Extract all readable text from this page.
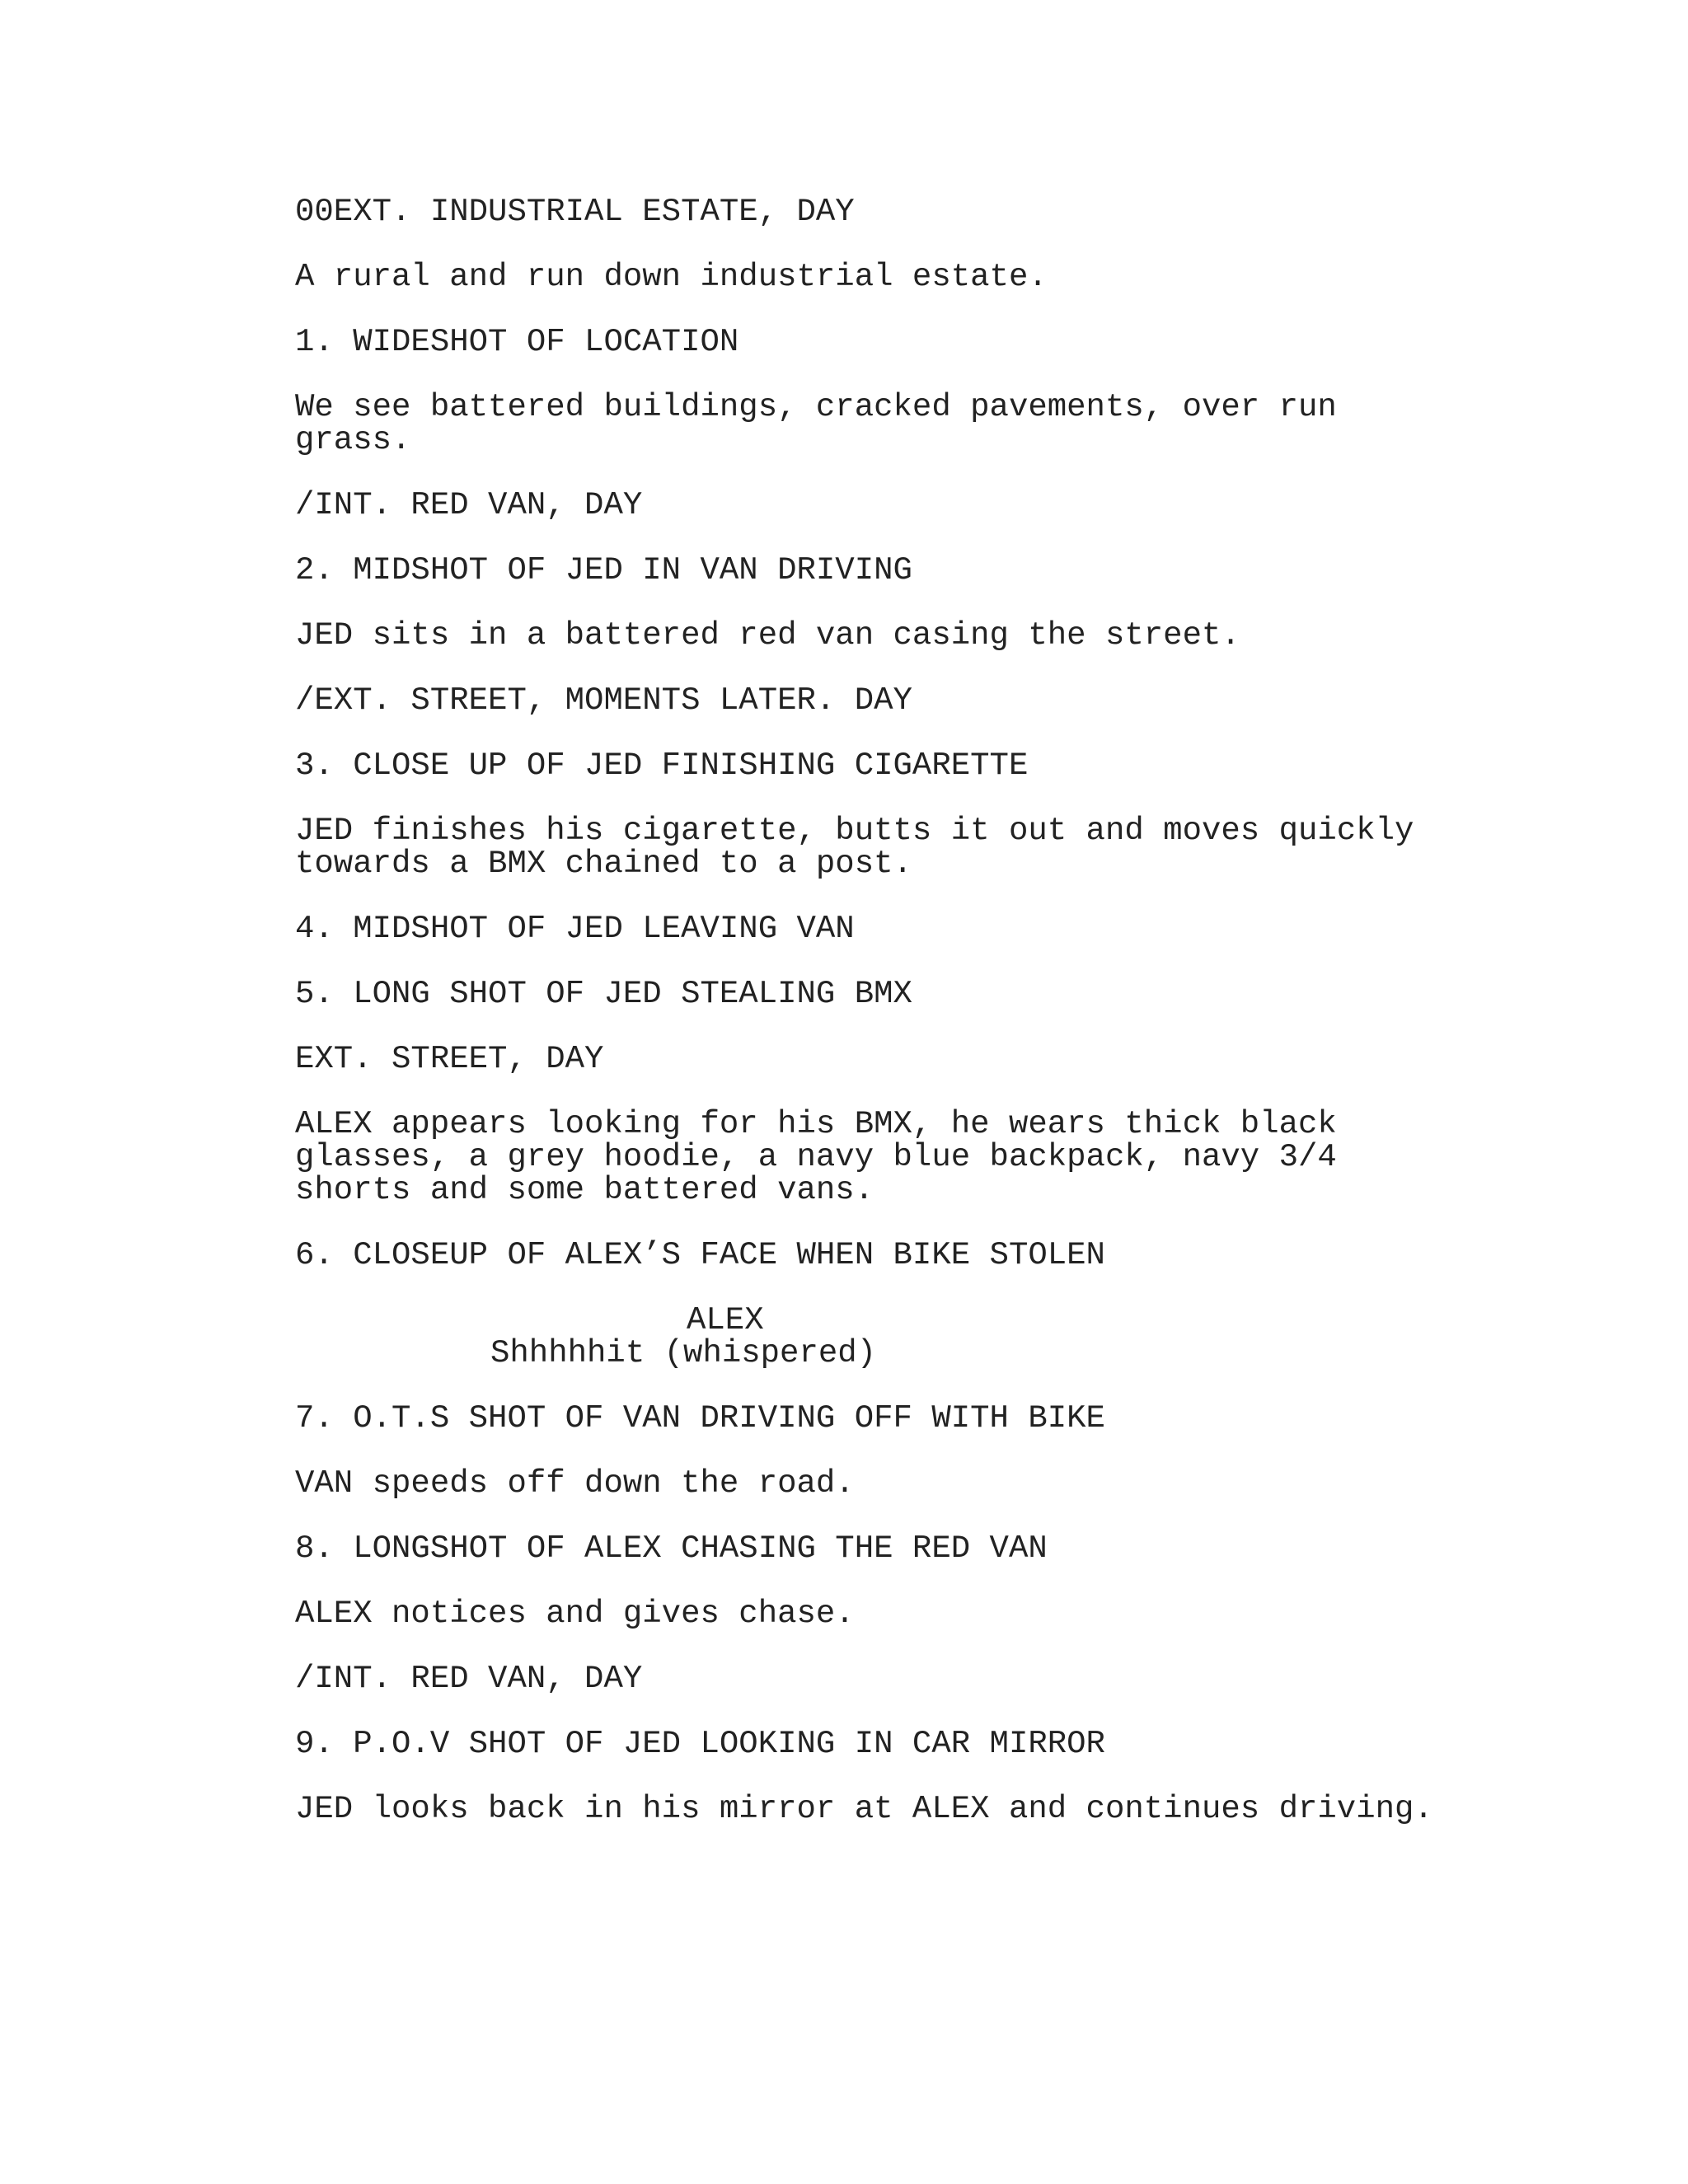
00EXT. INDUSTRIAL ESTATE, DAY
A rural and run down industrial estate.
1. WIDESHOT OF LOCATION
We see battered buildings, cracked pavements, over run
grass.
/INT. RED VAN, DAY
2. MIDSHOT OF JED IN VAN DRIVING
JED sits in a battered red van casing the street.
/EXT. STREET, MOMENTS LATER. DAY
3. CLOSE UP OF JED FINISHING CIGARETTE
JED finishes his cigarette, butts it out and moves quickly
towards a BMX chained to a post.
4. MIDSHOT OF JED LEAVING VAN
5. LONG SHOT OF JED STEALING BMX
EXT. STREET, DAY
ALEX appears looking for his BMX, he wears thick black
glasses, a grey hoodie, a navy blue backpack, navy 3/4
shorts and some battered vans.
6. CLOSEUP OF ALEX’S FACE WHEN BIKE STOLEN
ALEX
Shhhhhit (whispered)
7. O.T.S SHOT OF VAN DRIVING OFF WITH BIKE
VAN speeds off down the road.
8. LONGSHOT OF ALEX CHASING THE RED VAN
ALEX notices and gives chase.
/INT. RED VAN, DAY
9. P.O.V SHOT OF JED LOOKING IN CAR MIRROR
JED looks back in his mirror at ALEX and continues driving.
